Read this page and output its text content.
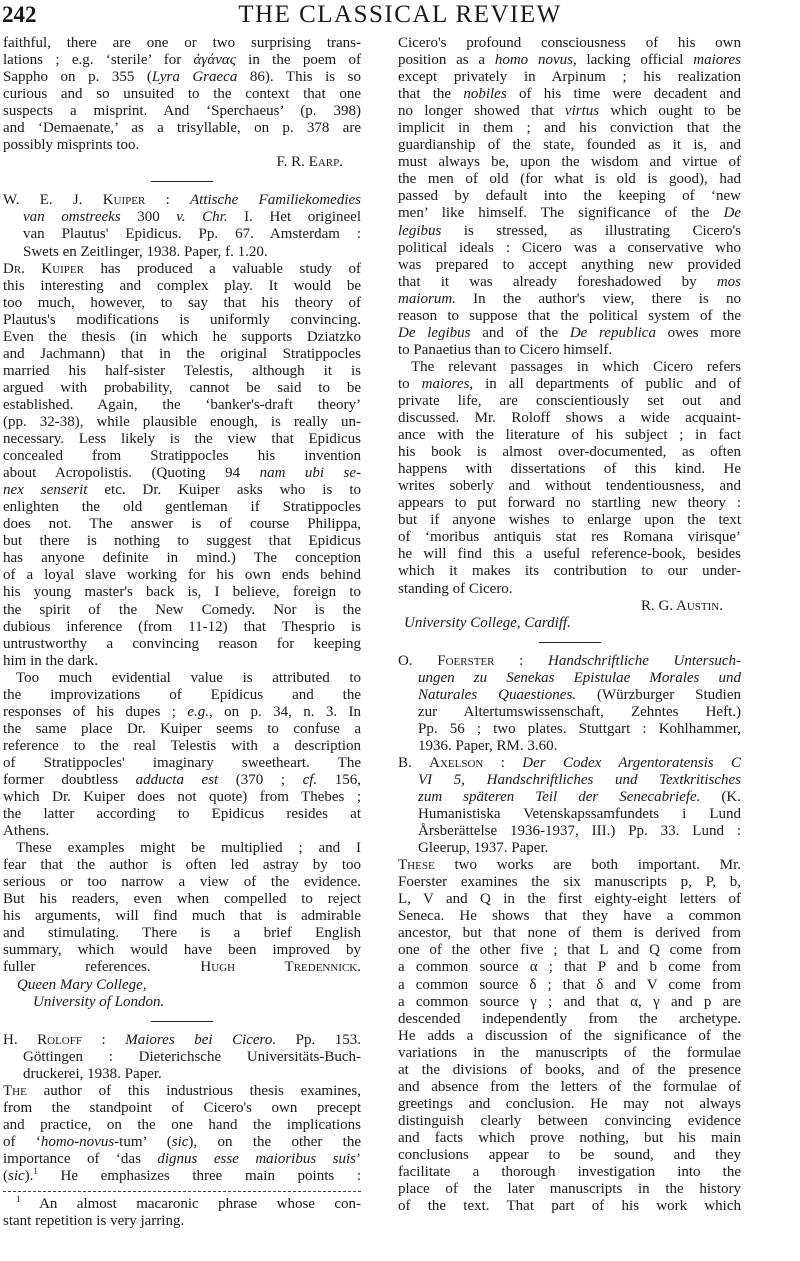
242	THE CLASSICAL REVIEW
faithful, there are one or two surprising trans-
lations ; e.g. ‘sterile’ for ἀγάνας in the poem of
Sappho on p. 355 (Lyra Graeca 86). This is so
curious and so unsuited to the context that one
suspects a misprint. And ‘Sperchaeus’ (p. 398)
and ‘Demaenate,’ as a trisyllable, on p. 378 are
possibly misprints too.
F. R. Earp.
W. E. J. Kuiper : Attische Familiekomedies
van omstreeks 300 v. Chr. I. Het origineel
van Plautus' Epidicus. Pp. 67. Amsterdam :
Swets en Zeitlinger, 1938. Paper, f. 1.20.
Dr. Kuiper has produced a valuable study of
this interesting and complex play. It would be
too much, however, to say that his theory of
Plautus's modifications is uniformly convincing.
Even the thesis (in which he supports Dziatzko
and Jachmann) that in the original Stratippocles
married his half-sister Telestis, although it is
argued with probability, cannot be said to be
established. Again, the ‘banker's-draft theory’
(pp. 32-38), while plausible enough, is really un-
necessary. Less likely is the view that Epidicus
concealed from Stratippocles his invention
about Acropolistis. (Quoting 94 nam ubi se-
nex senserit etc. Dr. Kuiper asks who is to
enlighten the old gentleman if Stratippocles
does not. The answer is of course Philippa,
but there is nothing to suggest that Epidicus
has anyone definite in mind.) The conception
of a loyal slave working for his own ends behind
his young master's back is, I believe, foreign to
the spirit of the New Comedy. Nor is the
dubious inference (from 11-12) that Thesprio is
untrustworthy a convincing reason for keeping
him in the dark.
Too much evidential value is attributed to
the improvizations of Epidicus and the
responses of his dupes ; e.g., on p. 34, n. 3. In
the same place Dr. Kuiper seems to confuse a
reference to the real Telestis with a description
of Stratippocles' imaginary sweetheart. The
former doubtless adducta est (370 ; cf. 156,
which Dr. Kuiper does not quote) from Thebes ;
the latter according to Epidicus resides at
Athens.
These examples might be multiplied ; and I
fear that the author is often led astray by too
serious or too narrow a view of the evidence.
But his readers, even when compelled to reject
his arguments, will find much that is admirable
and stimulating. There is a brief English
summary, which would have been improved by
fuller references. Hugh Tredennick.
Queen Mary College,
University of London.
H. Roloff : Maiores bei Cicero. Pp. 153.
Göttingen : Dieterichsche Universitäts-Buch-
druckerei, 1938. Paper.
The author of this industrious thesis examines,
from the standpoint of Cicero's own precept
and practice, on the one hand the implications
of ‘homo-novus-tum’ (sic), on the other the
importance of ‘das dignus esse maioribus suis’
(sic).$^1$ He emphasizes three main points :
$^1$ An almost macaronic phrase whose con-
stant repetition is very jarring.
Cicero's profound consciousness of his own
position as a homo novus, lacking official maiores
except privately in Arpinum ; his realization
that the nobiles of his time were decadent and
no longer showed that virtus which ought to be
implicit in them ; and his conviction that the
guardianship of the state, founded as it is, and
must always be, upon the wisdom and virtue of
the men of old (for what is old is good), had
passed by default into the keeping of ‘new
men’ like himself. The significance of the De
legibus is stressed, as illustrating Cicero's
political ideals : Cicero was a conservative who
was prepared to accept anything new provided
that it was already foreshadowed by mos
maiorum. In the author's view, there is no
reason to suppose that the political system of the
De legibus and of the De republica owes more
to Panaetius than to Cicero himself.
The relevant passages in which Cicero refers
to maiores, in all departments of public and of
private life, are conscientiously set out and
discussed. Mr. Roloff shows a wide acquaint-
ance with the literature of his subject ; in fact
his book is almost over-documented, as often
happens with dissertations of this kind. He
writes soberly and without tendentiousness, and
appears to put forward no startling new theory :
but if anyone wishes to enlarge upon the text
of ‘moribus antiquis stat res Romana virisque’
he will find this a useful reference-book, besides
which it makes its contribution to our under-
standing of Cicero.
R. G. Austin.
University College, Cardiff.
O. Foerster : Handschriftliche Untersuch-
ungen zu Senekas Epistulae Morales und
Naturales Quaestiones. (Würzburger Studien
zur Altertumswissenschaft, Zehntes Heft.)
Pp. 56 ; two plates. Stuttgart : Kohlhammer,
1936. Paper, RM. 3.60.
B. Axelson : Der Codex Argentoratensis C
VI 5, Handschriftliches und Textkritisches
zum späteren Teil der Senecabriefe. (K.
Humanistiska Vetenskapssamfundets i Lund
Årsberättelse 1936-1937, III.) Pp. 33. Lund :
Gleerup, 1937. Paper.
These two works are both important. Mr.
Foerster examines the six manuscripts p, P, b,
L, V and Q in the first eighty-eight letters of
Seneca. He shows that they have a common
ancestor, but that none of them is derived from
one of the other five ; that L and Q come from
a common source α ; that P and b come from
a common source δ ; that δ and V come from
a common source γ ; and that α, γ and p are
descended independently from the archetype.
He adds a discussion of the significance of the
variations in the manuscripts of the formulae
at the divisions of books, and of the presence
and absence from the letters of the formulae of
greetings and conclusion. He may not always
distinguish clearly between convincing evidence
and facts which prove nothing, but his main
conclusions appear to be sound, and they
facilitate a thorough investigation into the
place of the later manuscripts in the history
of the text. That part of his work which
